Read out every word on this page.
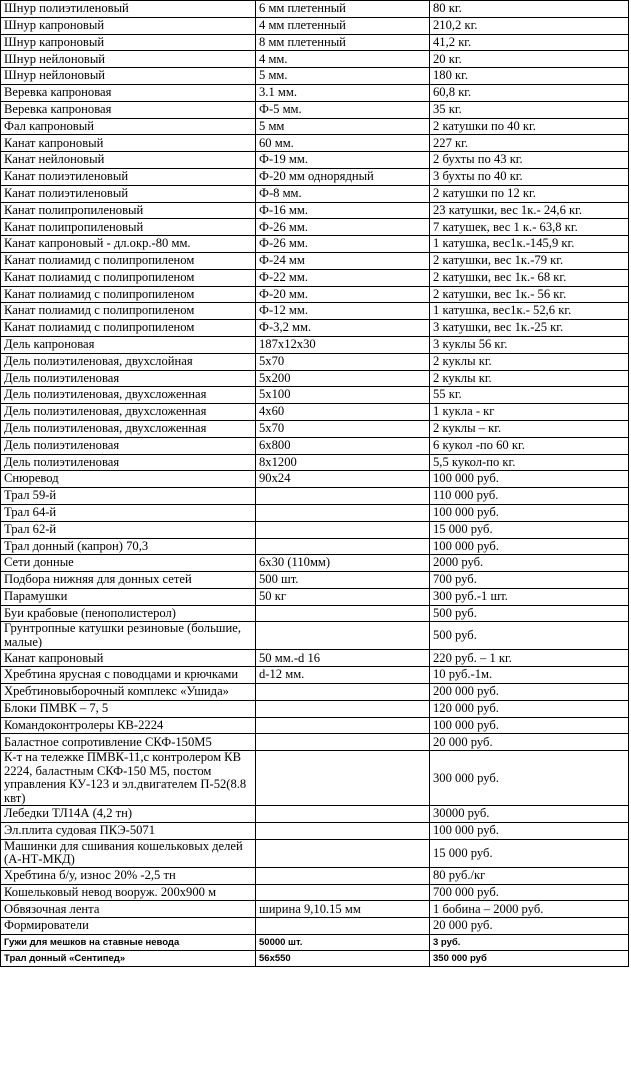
Шнур полиэтиленовый	6 мм плетенный	80 кг.
Шнур капроновый	4 мм плетенный	210,2 кг.
Шнур капроновый	8 мм плетенный	41,2 кг.
Шнур нейлоновый	4 мм.	20 кг.
Шнур нейлоновый	5 мм.	180 кг.
Веревка капроновая	3.1 мм.	60,8 кг.
Веревка капроновая	Ф-5 мм.	35 кг.
Фал капроновый	5 мм	2 катушки по 40 кг.
Канат капроновый	60 мм.	227 кг.
Канат нейлоновый	Ф-19 мм.	2 бухты по 43 кг.
Канат полиэтиленовый	Ф-20 мм однорядный	3 бухты по 40 кг.
Канат полиэтиленовый	Ф-8 мм.	2 катушки по 12 кг.
Канат полипропиленовый	Ф-16 мм.	23 катушки, вес 1к.- 24,6 кг.
Канат полипропиленовый	Ф-26 мм.	7 катушек, вес 1 к.- 63,8 кг.
Канат капроновый - дл.окр.-80 мм.	Ф-26 мм.	1 катушка, вес1к.-145,9 кг.
Канат полиамид с полипропиленом	Ф-24 мм	2 катушки, вес 1к.-79 кг.
Канат полиамид с полипропиленом	Ф-22 мм.	2 катушки, вес 1к.- 68 кг.
Канат полиамид с полипропиленом	Ф-20 мм.	2 катушки, вес 1к.- 56 кг.
Канат полиамид с полипропиленом	Ф-12 мм.	1 катушка, вес1к.- 52,6 кг.
Канат полиамид с полипропиленом	Ф-3,2 мм.	3 катушки, вес 1к.-25 кг.
Дель капроновая	187х12х30	3 куклы 56 кг.
Дель полиэтиленовая, двухслойная	5х70	2 куклы кг.
Дель полиэтиленовая	5х200	2 куклы кг.
Дель полиэтиленовая, двухсложенная	5х100	55 кг.
Дель полиэтиленовая, двухсложенная	4х60	1 кукла - кг
Дель полиэтиленовая, двухсложенная	5х70	2 куклы – кг.
Дель полиэтиленовая	6х800	6 кукол -по 60 кг.
Дель полиэтиленовая	8х1200	5,5 кукол-по кг.
Снюревод	90х24	100 000 руб.
Трал 59-й		110 000 руб.
Трал 64-й		100 000 руб.
Трал 62-й		15 000 руб.
Трал донный (капрон) 70,3		100 000 руб.
Сети донные	6х30 (110мм)	2000 руб.
Подбора нижняя для донных сетей	500 шт.	700 руб.
Парамушки	50 кг	300 руб.-1 шт.
Буи крабовые (пенополистерол)		500 руб.
Грунтропные катушки резиновые (большие, малые)		500 руб.
Канат капроновый	50 мм.-d 16	220 руб. – 1 кг.
Хребтина ярусная с поводцами и крючками	d-12 мм.	10 руб.-1м.
Хребтиновыборочный комплекс «Ушида»		200 000 руб.
Блоки ПМВК – 7, 5		120 000 руб.
Командоконтролеры КВ-2224		100 000 руб.
Баластное сопротивление СКФ-150М5		20 000 руб.
К-т на тележке ПМВК-11,с контролером КВ 2224, баластным СКФ-150 М5, постом управления КУ-123 и эл.двигателем П-52(8.8 квт)		300 000 руб.
Лебедки ТЛ14А (4,2 тн)		30000 руб.
Эл.плита судовая ПКЭ-5071		100 000 руб.
Машинки для сшивания кошельковых делей (А-НТ-МКД)		15 000 руб.
Хребтина б/у, износ 20% -2,5 тн		80 руб./кг
Кошельковый невод вооруж. 200х900 м		700 000 руб.
Обвязочная лента	ширина 9,10.15 мм	1 бобина – 2000 руб.
Формирователи		20 000 руб.
Гужи для мешков на ставные невода	50000 шт.	3 руб.
Трал донный «Сентипед»	56х550	350 000 руб
